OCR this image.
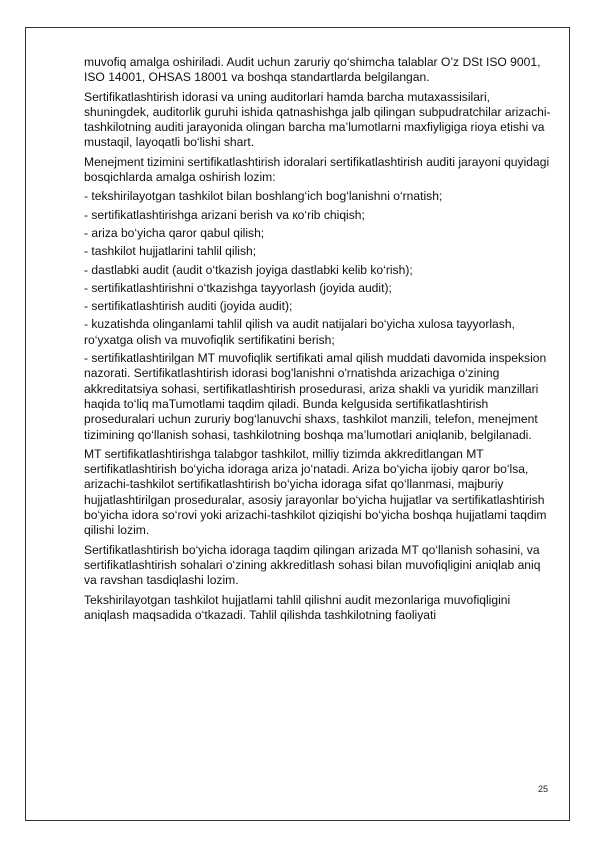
muvofiq amalga oshiriladi. Audit uchun zaruriy qo‘shimcha talablar O’z DSt ISO 9001, ISO 14001, OHSAS 18001 va boshqa standartlarda belgilangan.

Sertifikatlashtirish idorasi va uning auditorlari hamda barcha mutaxassisilari, shuningdek, auditorlik guruhi ishida qatnashishga jalb qilingan subpudratchilar arizachi-tashkilotning auditi jarayonida olingan barcha ma’lumotlarni maxfiyligiga rioya etishi va mustaqil, layoqatli bo‘lishi shart.

Menejment tizimini sertifikatlashtirish idoralari sertifikatlashtirish auditi jarayoni quyidagi bosqichlarda amalga oshirish lozim:

- tekshirilayotgan tashkilot bilan boshlang‘ich bog‘lanishni o‘rnatish;

- sertifikatlashtirishga arizani berish va кo‘rib chiqish;

- ariza bo‘yicha qaror qabul qilish;

- tashkilot hujjatlarini tahlil qilish;

- dastlabki audit (audit o‘tkazish joyiga dastlabki kelib ko‘rish);

- sertifikatlashtirishni o‘tkazishga tayyorlash (joyida audit);

- sertifikatlashtirish auditi (joyida audit);

- kuzatishda olinganlami tahlil qilish va audit natijalari bo‘yicha xulosa tayyorlash, ro‘yxatga olish va muvofiqlik sertifikatini berish;

- sertifikatlashtirilgan MT muvofiqlik sertifikati amal qilish muddati davomida inspeksion nazorati. Sertifikatlashtirish idorasi bog'lanishni o'rnatishda arizachiga o‘zining akkreditatsiya sohasi, sertifikatlashtirish prosedurasi, ariza shakli va yuridik manzillari haqida to‘liq maTumotlami taqdim qiladi. Bunda kelgusida sertifikatlashtirish proseduralari uchun zururiy bog‘lanuvchi shaxs, tashkilot manzili, telefon, menejment tizimining qo‘llanish sohasi, tashkilotning boshqa ma’lumotlari aniqlanib, belgilanadi.

MT sertifikatlashtirishga talabgor tashkilot, milliy tizimda akkreditlangan MT sertifikatlashtirish bo‘yicha idoraga ariza jo‘natadi. Ariza bo‘yicha ijobiy qaror bo‘lsa, arizachi-tashkilot sertifikatlashtirish bo‘yicha idoraga sifat qo‘llanmasi, majburiy hujjatlashtirilgan proseduralar, asosiy jarayonlar bo‘yicha hujjatlar va sertifikatlashtirish bo‘yicha idora so‘rovi yoki arizachi-tashkilot qiziqishi bo‘yicha boshqa hujjatlami taqdim qilishi lozim.

Sertifikatlashtirish bo‘yicha idoraga taqdim qilingan arizada MT qo‘llanish sohasini, va sertifikatlashtirish sohalari o‘zining akkreditlash sohasi bilan muvofiqligini aniqlab aniq va ravshan tasdiqlashi lozim.

Tekshirilayotgan tashkilot hujjatlami tahlil qilishni audit mezonlariga muvofiqligini aniqlash maqsadida o‘tkazadi. Tahlil qilishda tashkilotning faoliyati

25
